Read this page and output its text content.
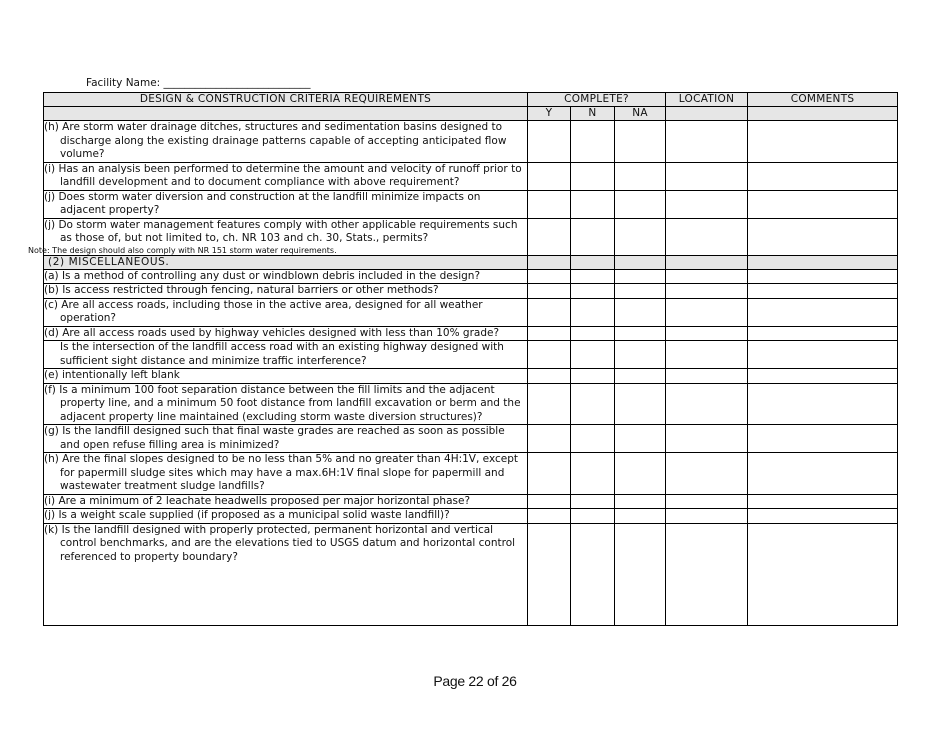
Facility Name: ____________________________
DESIGN & CONSTRUCTION CRITERIA REQUIREMENTS	COMPLETE?			LOCATION	COMMENTS
	Y	N	NA		

(h) Are storm water drainage ditches, structures and sedimentation basins designed to discharge along the existing drainage patterns capable of accepting anticipated flow volume?					

(i) Has an analysis been performed to determine the amount and velocity of runoff prior to landfill development and to document compliance with above requirement?					

(j) Does storm water diversion and construction at the landfill minimize impacts on adjacent property?					

(j) Do storm water management features comply with other applicable requirements such as those of, but not limited to, ch. NR 103 and ch. 30, Stats., permits?
Note: The design should also comply with NR 151 storm water requirements.					

(2) MISCELLANEOUS.					

(a) Is a method of controlling any dust or windblown debris included in the design?					

(b) Is access restricted through fencing, natural barriers or other methods?					

(c) Are all access roads, including those in the active area, designed for all weather operation?					

(d) Are all access roads used by highway vehicles designed with less than 10% grade?					

Is the intersection of the landfill access road with an existing highway designed with sufficient sight distance and minimize traffic interference?					

(e) intentionally left blank					

(f) Is a minimum 100 foot separation distance between the fill limits and the adjacent property line, and a minimum 50 foot distance from landfill excavation or berm and the adjacent property line maintained (excluding storm waste diversion structures)?					

(g) Is the landfill designed such that final waste grades are reached as soon as possible and open refuse filling area is minimized?					

(h) Are the final slopes designed to be no less than 5% and no greater than 4H:1V, except for papermill sludge sites which may have a max.6H:1V final slope for papermill and wastewater treatment sludge landfills?					

(i) Are a minimum of 2 leachate headwells proposed per major horizontal phase?					

(j) Is a weight scale supplied (if proposed as a municipal solid waste landfill)?					

(k) Is the landfill designed with properly protected, permanent horizontal and vertical control benchmarks, and are the elevations tied to USGS datum and horizontal control referenced to property boundary?					

Page 22 of 26
